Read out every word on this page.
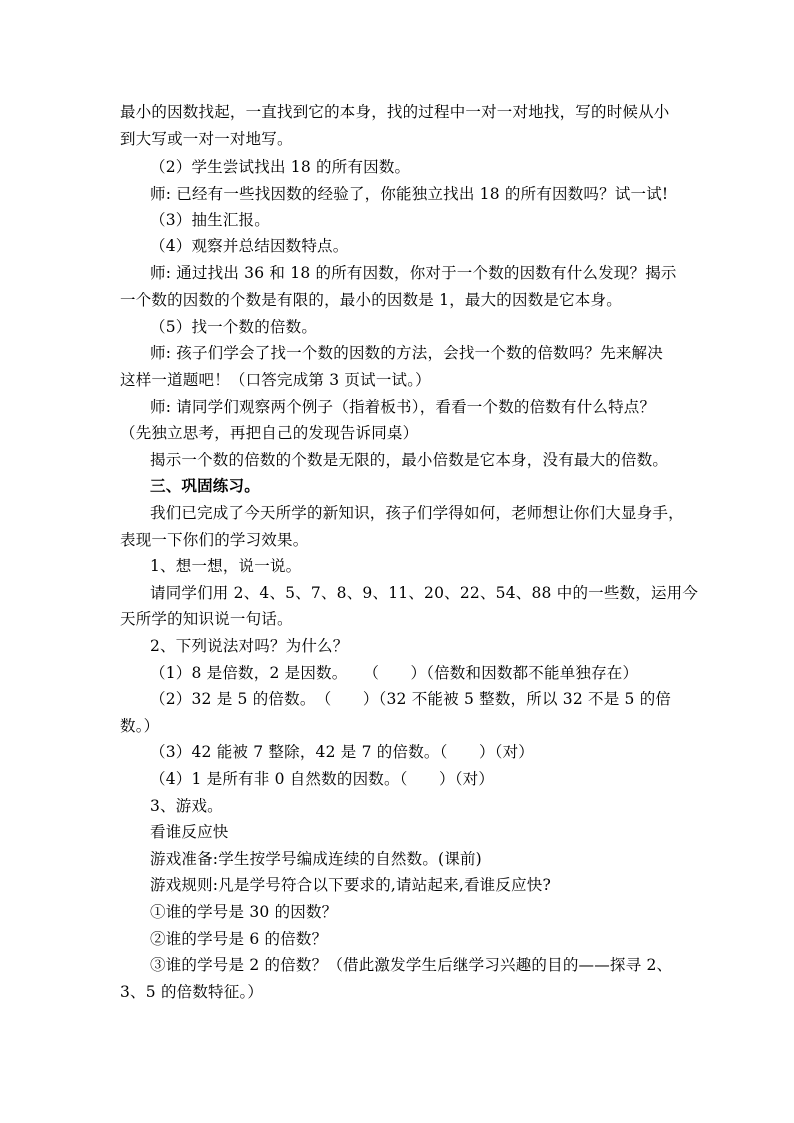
最小的因数找起，一直找到它的本身，找的过程中一对一对地找，写的时候从小
到大写或一对一对地写。
（2）学生尝试找出 18 的所有因数。
师: 已经有一些找因数的经验了，你能独立找出 18 的所有因数吗？试一试!
（3）抽生汇报。
（4）观察并总结因数特点。
师: 通过找出 36 和 18 的所有因数，你对于一个数的因数有什么发现？揭示
一个数的因数的个数是有限的，最小的因数是 1，最大的因数是它本身。
（5）找一个数的倍数。
师: 孩子们学会了找一个数的因数的方法，会找一个数的倍数吗？先来解决
这样一道题吧！（口答完成第 3 页试一试。）
师: 请同学们观察两个例子（指着板书），看看一个数的倍数有什么特点？
（先独立思考，再把自己的发现告诉同桌）
揭示一个数的倍数的个数是无限的，最小倍数是它本身，没有最大的倍数。
三、巩固练习。
我们已完成了今天所学的新知识，孩子们学得如何，老师想让你们大显身手，
表现一下你们的学习效果。
1、想一想，说一说。
请同学们用 2、4、5、7、8、9、11、20、22、54、88 中的一些数，运用今
天所学的知识说一句话。
2、下列说法对吗？为什么？
（1）8 是倍数，2 是因数。　　（　　）（倍数和因数都不能单独存在）
（2）32 是 5 的倍数。　（　　）（32 不能被 5 整数，所以 32 不是 5 的倍
数。）
（3）42 能被 7 整除，42 是 7 的倍数。（　　）（对）
（4）1 是所有非 0 自然数的因数。（　　）（对）
3、游戏。
看谁反应快
游戏准备:学生按学号编成连续的自然数。(课前)
游戏规则:凡是学号符合以下要求的,请站起来,看谁反应快?
①谁的学号是 30 的因数？
②谁的学号是 6 的倍数？
③谁的学号是 2 的倍数？（借此激发学生后继学习兴趣的目的——探寻 2、
3、5 的倍数特征。）
